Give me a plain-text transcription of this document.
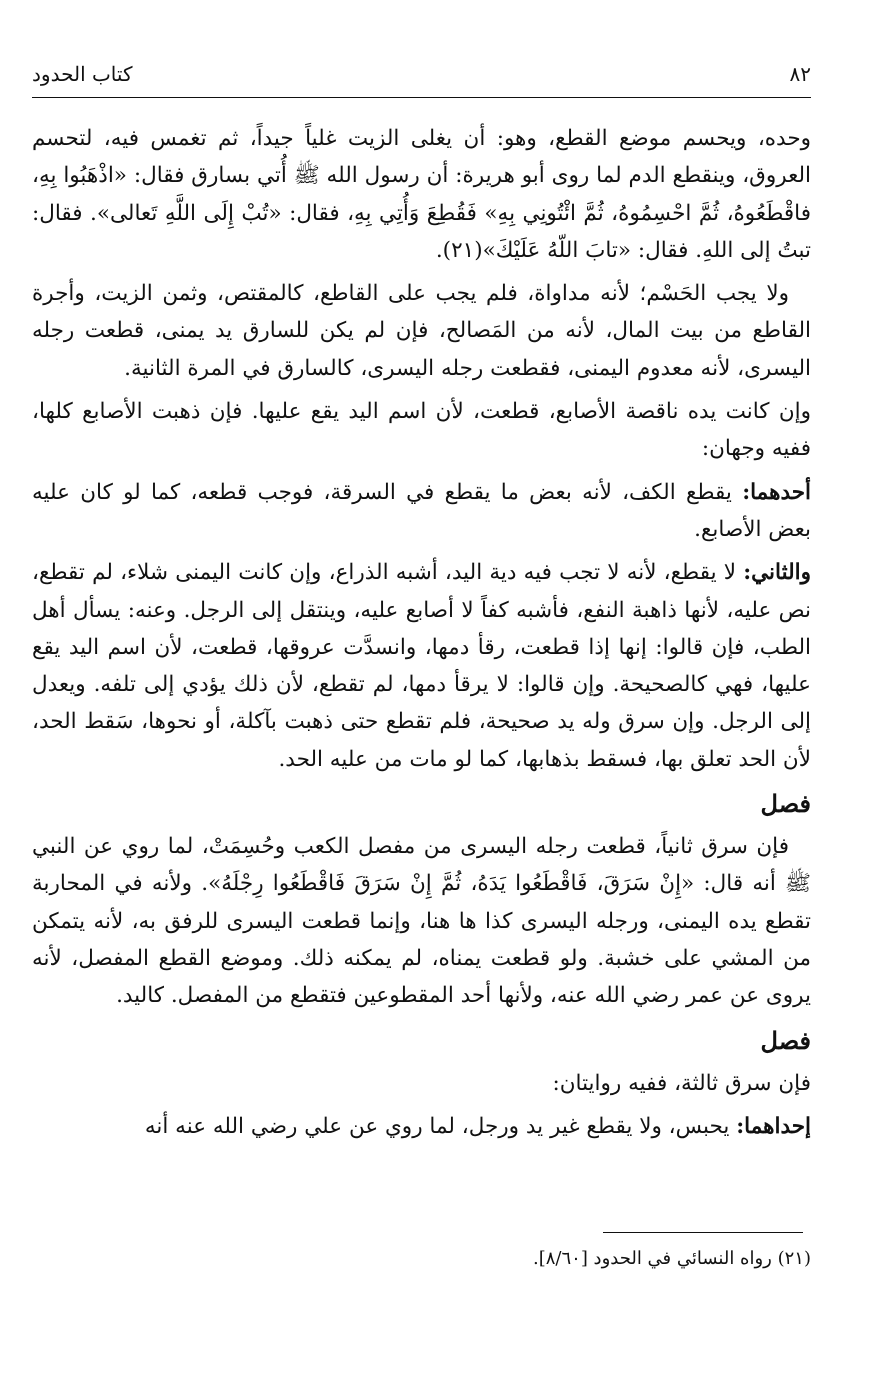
٨٢
كتاب الحدود

وحده، ويحسم موضع القطع، وهو: أن يغلى الزيت غلياً جيداً، ثم تغمس فيه، لتحسم العروق، وينقطع الدم لما روى أبو هريرة: أن رسول الله ﷺ أُتي بسارق فقال: «اذْهَبُوا بِهِ، فاقْطَعُوهُ، ثُمَّ احْسِمُوهُ، ثُمَّ ائْتُونِي بِهِ» فَقُطِعَ وَأُتِي بِهِ، فقال: «تُبْ إِلَى اللَّهِ تَعالى». فقال: تبتُ إلى اللهِ. فقال: «تابَ اللّهُ عَلَيْكَ»(٢١).

ولا يجب الحَسْم؛ لأنه مداواة، فلم يجب على القاطع، كالمقتص، وثمن الزيت، وأجرة القاطع من بيت المال، لأنه من المَصالح، فإن لم يكن للسارق يد يمنى، قطعت رجله اليسرى، لأنه معدوم اليمنى، فقطعت رجله اليسرى، كالسارق في المرة الثانية.

وإن كانت يده ناقصة الأصابع، قطعت، لأن اسم اليد يقع عليها. فإن ذهبت الأصابع كلها، ففيه وجهان:

أحدهما: يقطع الكف، لأنه بعض ما يقطع في السرقة، فوجب قطعه، كما لو كان عليه بعض الأصابع.

والثاني: لا يقطع، لأنه لا تجب فيه دية اليد، أشبه الذراع، وإن كانت اليمنى شلاء، لم تقطع، نص عليه، لأنها ذاهبة النفع، فأشبه كفاً لا أصابع عليه، وينتقل إلى الرجل. وعنه: يسأل أهل الطب، فإن قالوا: إنها إذا قطعت، رقأ دمها، وانسدَّت عروقها، قطعت، لأن اسم اليد يقع عليها، فهي كالصحيحة. وإن قالوا: لا يرقأ دمها، لم تقطع، لأن ذلك يؤدي إلى تلفه. ويعدل إلى الرجل. وإن سرق وله يد صحيحة، فلم تقطع حتى ذهبت بآكلة، أو نحوها، سَقط الحد، لأن الحد تعلق بها، فسقط بذهابها، كما لو مات من عليه الحد.

فصل

فإن سرق ثانياً، قطعت رجله اليسرى من مفصل الكعب وحُسِمَتْ، لما روي عن النبي ﷺ أنه قال: «إِنْ سَرَقَ، فَاقْطَعُوا يَدَهُ، ثُمَّ إِنْ سَرَقَ فَاقْطَعُوا رِجْلَهُ». ولأنه في المحاربة تقطع يده اليمنى، ورجله اليسرى كذا ها هنا، وإنما قطعت اليسرى للرفق به، لأنه يتمكن من المشي على خشبة. ولو قطعت يمناه، لم يمكنه ذلك. وموضع القطع المفصل، لأنه يروى عن عمر رضي الله عنه، ولأنها أحد المقطوعين فتقطع من المفصل. كاليد.

فصل

فإن سرق ثالثة، ففيه روايتان:

إحداهما: يحبس، ولا يقطع غير يد ورجل، لما روي عن علي رضي الله عنه أنه

(٢١) رواه النسائي في الحدود [٨/٦٠].
